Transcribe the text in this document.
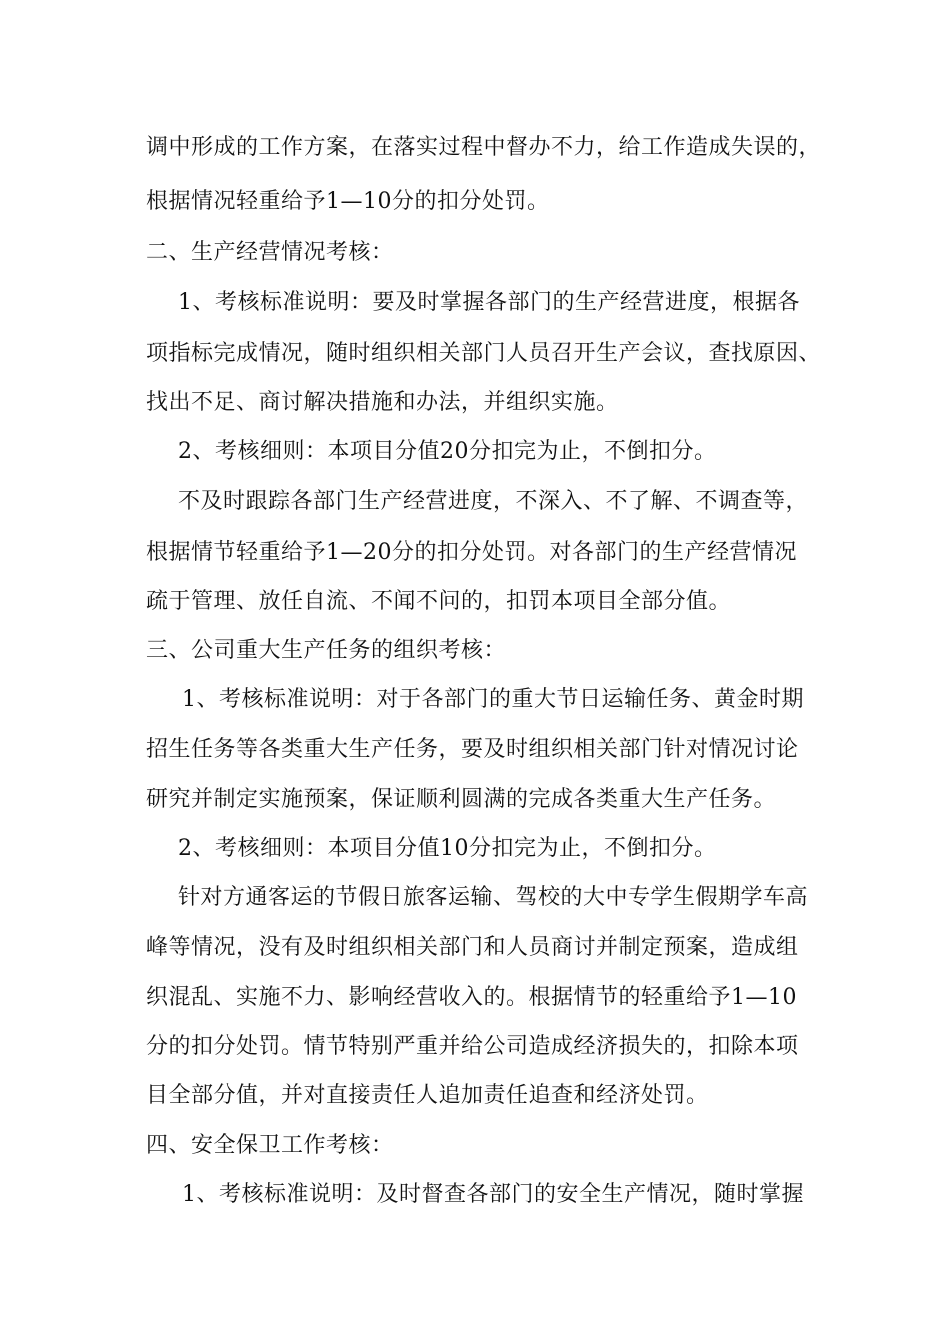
调中形成的工作方案，在落实过程中督办不力，给工作造成失误的，

根据情况轻重给予1—10分的扣分处罚。

二、生产经营情况考核：

1、考核标准说明：要及时掌握各部门的生产经营进度，根据各

项指标完成情况，随时组织相关部门人员召开生产会议，查找原因、

找出不足、商讨解决措施和办法，并组织实施。

2、考核细则：本项目分值20分扣完为止，不倒扣分。

不及时跟踪各部门生产经营进度，不深入、不了解、不调查等，

根据情节轻重给予1—20分的扣分处罚。对各部门的生产经营情况

疏于管理、放任自流、不闻不问的，扣罚本项目全部分值。

三、公司重大生产任务的组织考核：

1、考核标准说明：对于各部门的重大节日运输任务、黄金时期

招生任务等各类重大生产任务，要及时组织相关部门针对情况讨论

研究并制定实施预案，保证顺利圆满的完成各类重大生产任务。

2、考核细则：本项目分值10分扣完为止，不倒扣分。

针对方通客运的节假日旅客运输、驾校的大中专学生假期学车高

峰等情况，没有及时组织相关部门和人员商讨并制定预案，造成组

织混乱、实施不力、影响经营收入的。根据情节的轻重给予1—10

分的扣分处罚。情节特别严重并给公司造成经济损失的，扣除本项

目全部分值，并对直接责任人追加责任追查和经济处罚。

四、安全保卫工作考核：

1、考核标准说明：及时督查各部门的安全生产情况，随时掌握
